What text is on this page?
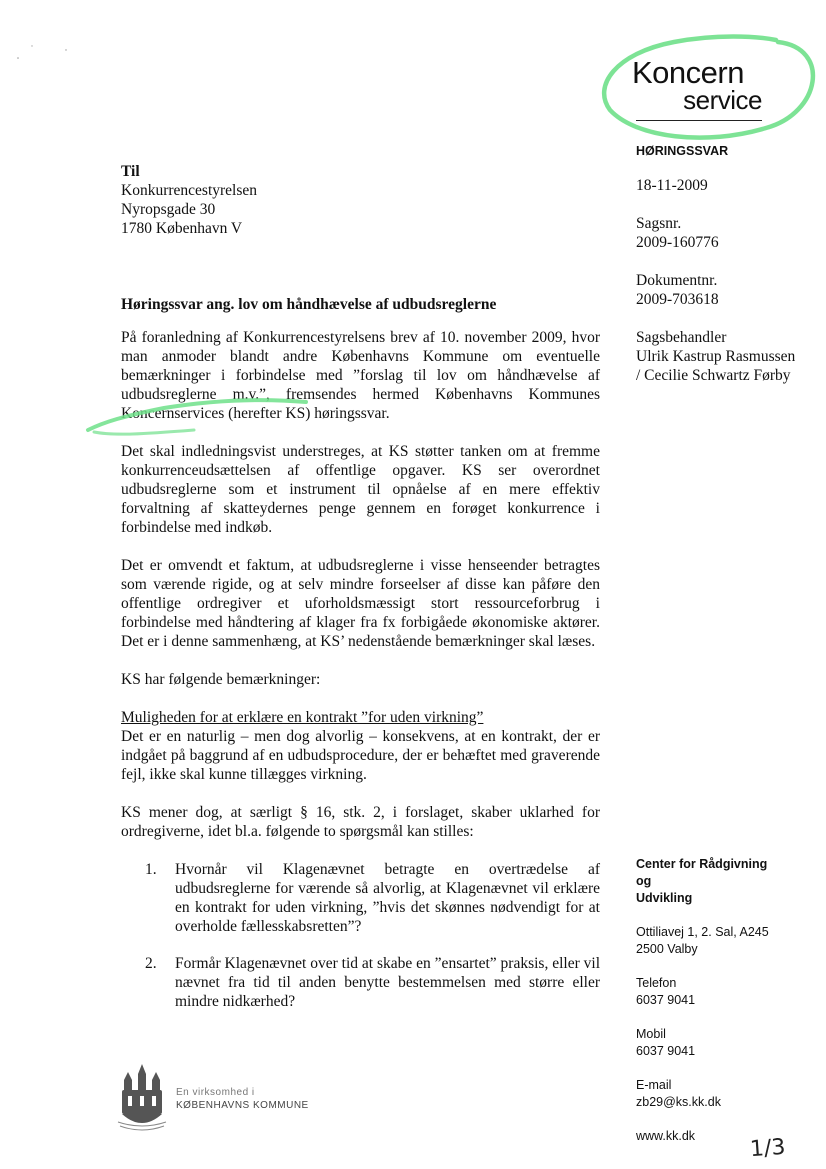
Koncern
service
HØRINGSSVAR
18-11-2009
Sagsnr.
2009-160776
Dokumentnr.
2009-703618
Sagsbehandler
Ulrik Kastrup Rasmussen
/ Cecilie Schwartz Førby
Til
Konkurrencestyrelsen
Nyropsgade 30
1780 København V
Høringssvar ang. lov om håndhævelse af udbudsreglerne
På foranledning af Konkurrencestyrelsens brev af 10. november 2009, hvor man anmoder blandt andre Københavns Kommune om eventuelle bemærkninger i forbindelse med ”forslag til lov om håndhævelse af udbudsreglerne m.v.”, fremsendes hermed Københavns Kommunes Koncernservices (herefter KS) høringssvar.
Det skal indledningsvist understreges, at KS støtter tanken om at fremme konkurrenceudsættelsen af offentlige opgaver. KS ser overordnet udbudsreglerne som et instrument til opnåelse af en mere effektiv forvaltning af skatteydernes penge gennem en forøget konkurrence i forbindelse med indkøb.
Det er omvendt et faktum, at udbudsreglerne i visse henseender betragtes som værende rigide, og at selv mindre forseelser af disse kan påføre den offentlige ordregiver et uforholdsmæssigt stort ressourceforbrug i forbindelse med håndtering af klager fra fx forbigåede økonomiske aktører. Det er i denne sammenhæng, at KS’ nedenstående bemærkninger skal læses.
KS har følgende bemærkninger:
Muligheden for at erklære en kontrakt ”for uden virkning”
Det er en naturlig – men dog alvorlig – konsekvens, at en kontrakt, der er indgået på baggrund af en udbudsprocedure, der er behæftet med graverende fejl, ikke skal kunne tillægges virkning.
KS mener dog, at særligt § 16, stk. 2, i forslaget, skaber uklarhed for ordregiverne, idet bl.a. følgende to spørgsmål kan stilles:
1. Hvornår vil Klagenævnet betragte en overtrædelse af udbudsreglerne for værende så alvorlig, at Klagenævnet vil erklære en kontrakt for uden virkning, ”hvis det skønnes nødvendigt for at overholde fællesskabsretten”?
2. Formår Klagenævnet over tid at skabe en ”ensartet” praksis, eller vil nævnet fra tid til anden benytte bestemmelsen med større eller mindre nidkærhed?
Center for Rådgivning
og
Udvikling
Ottiliavej 1, 2. Sal, A245
2500 Valby
Telefon
6037 9041
Mobil
6037 9041
E-mail
zb29@ks.kk.dk
www.kk.dk	1/3
En virksomhed i
KØBENHAVNS KOMMUNE
